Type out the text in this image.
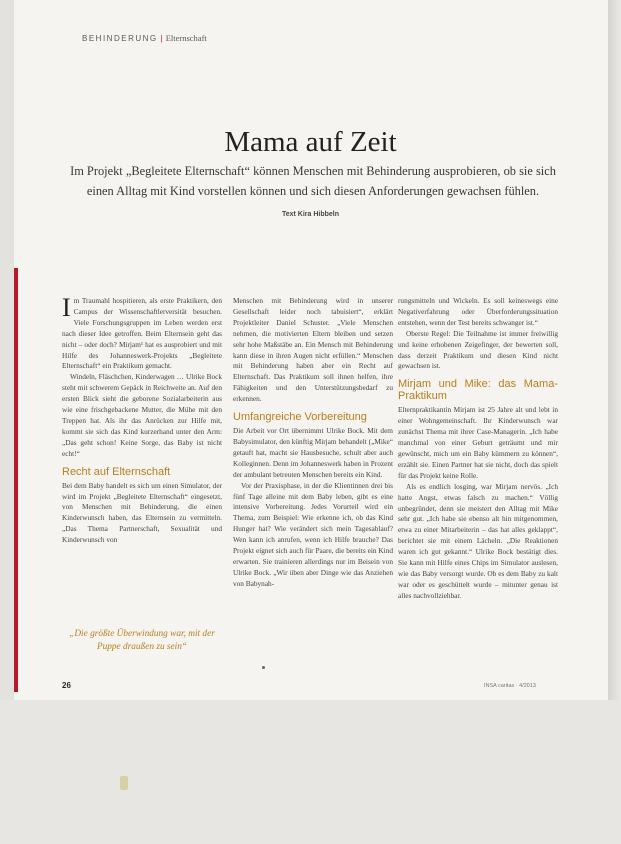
BEHINDERUNG | Elternschaft
Mama auf Zeit
Im Projekt „Begleitete Elternschaft“ können Menschen mit Behinderung ausprobieren, ob sie sich einen Alltag mit Kind vorstellen können und sich diesen Anforderungen gewachsen fühlen.
Text Kira Hibbeln

Im Traumahl hospitieren, als erste Praktikern, den Campus der Wissenschaftlerversität besuchen. Viele Forschungsgruppen im Leben werden erst nach dieser Idee getroffen. Beim Elternsein geht das nicht – oder doch? Mirjam¹ hat es ausprobiert und mit Hilfe des Johanneswerk-Projekts „Begleitete Elternschaft“ ein Praktikum gemacht.

Windeln, Fläschchen, Kinderwagen … Ulrike Bock steht mit schwerem Gepäck in Reichweite an. Auf den ersten Blick sieht die geborene Sozialarbeiterin aus wie eine frischgebackene Mutter, die Mühe mit den Treppen hat. Als ihr das Anrücken zur Hilfe mit, kommt sie sich das Kind kurzerhand unter den Arm: „Das geht schon! Keine Sorge, das Baby ist nicht echt!“

Recht auf Elternschaft

Bei dem Baby handelt es sich um einen Simulator, der wird im Projekt „Begleitete Elternschaft“ eingesetzt, von Menschen mit Behinderung, die einen Kinderwunsch haben, das Elternsein zu vermitteln. „Das Thema Partnerschaft, Sexualität und Kinderwunsch von

Menschen mit Behinderung wird in unserer Gesellschaft leider noch tabuisiert“, erklärt Projektleiter Daniel Schuster. „Viele Menschen nehmen, die motivierten Eltern bleiben und setzen sehr hohe Maßstäbe an. Ein Mensch mit Behinderung kann diese in ihren Augen nicht erfüllen.“ Menschen mit Behinderung haben aber ein Recht auf Elternschaft. Das Praktikum soll ihnen helfen, ihre Fähigkeiten und den Unterstützungsbedarf zu erkennen.

Umfangreiche Vorbereitung

Die Arbeit vor Ort übernimmt Ulrike Bock. Mit dem Babysimulator, den künftig Mirjam behandelt („Mike“ getauft hat, macht sie Hausbesuche, schult aber auch Kolleginnen. Denn im Johanneswerk haben in Prozent der ambulant betreuten Menschen bereits ein Kind.

Vor der Praxisphase, in der die Klientinnen drei bis fünf Tage alleine mit dem Baby leben, gibt es eine intensive Vorbereitung. Jedes Vorurteil wird ein Thema, zum Beispiel: Wie erkenne ich, ob das Kind Hunger hat? Wie verändert sich mein Tagesablauf? Wen kann ich anrufen, wenn ich Hilfe brauche? Das Projekt eignet sich auch für Paare, die bereits ein Kind erwarten. Sie trainieren allerdings nur im Beisein von Ulrike Bock. „Wir üben aber Dinge wie das Anziehen von Babynah-

rungsmitteln und Wickeln. Es soll keineswegs eine Negativerfahrung oder Überforderungssituation entstehen, wenn der Test bereits schwanger ist.“

Oberste Regel: Die Teilnahme ist immer freiwillig und keine erhobenen Zeigefinger, der bewerten soll, dass derzeit Praktikum und diesen Kind nicht gewachsen ist.

Mirjam und Mike: das Mama-Praktikum

Elternpraktikantin Mirjam ist 25 Jahre alt und lebt in einer Wohngemeinschaft. Ihr Kinderwunsch war zunächst Thema mit ihrer Case-Managerin. „Ich habe manchmal von einer Geburt geträumt und mir gewünscht, mich um ein Baby kümmern zu können“, erzählt sie. Einen Partner hat sie nicht, doch das spielt für das Projekt keine Rolle.

Als es endlich losging, war Mirjam nervös. „Ich hatte Angst, etwas falsch zu machen.“ Völlig unbegründet, denn sie meistert den Alltag mit Mike sehr gut. „Ich habe sie ebenso alt hin mitgenommen, etwa zu einer Mitarbeiterin – das hat alles geklappt“, berichtet sie mit einem Lächeln. „Die Reaktionen waren ich gut gekannt.“ Ulrike Bock bestätigt dies. Sie kann mit Hilfe eines Chips im Simulator auslesen, wie das Baby versorgt wurde. Ob es dem Baby zu kalt war oder es geschüttelt wurde – mitunter genau ist alles nachvollziehbar.

„Die größte Überwindung war, mit der Puppe draußen zu sein“
26	INSA caritas · 4/2013
